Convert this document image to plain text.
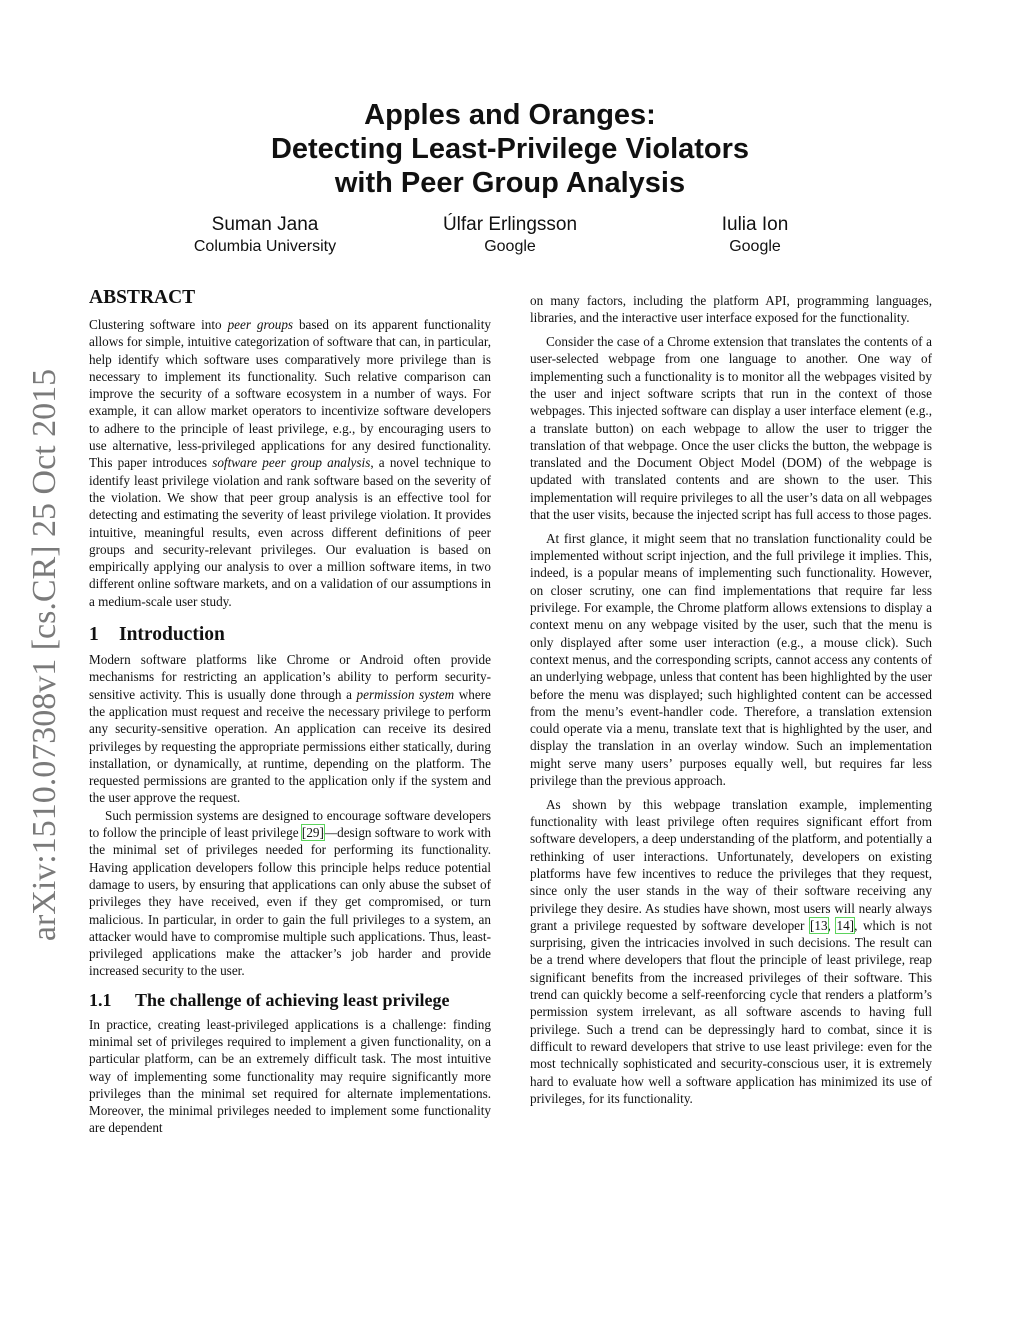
Apples and Oranges:
Detecting Least-Privilege Violators
with Peer Group Analysis
Suman Jana
Columbia University
Úlfar Erlingsson
Google
Iulia Ion
Google
arXiv:1510.07308v1 [cs.CR] 25 Oct 2015
ABSTRACT

Clustering software into peer groups based on its apparent functionality allows for simple, intuitive categorization of software that can, in particular, help identify which software uses comparatively more privilege than is necessary to implement its functionality. Such relative comparison can improve the security of a software ecosystem in a number of ways. For example, it can allow market operators to incentivize software developers to adhere to the principle of least privilege, e.g., by encouraging users to use alternative, less-privileged applications for any desired functionality. This paper introduces software peer group analysis, a novel technique to identify least privilege violation and rank software based on the severity of the violation. We show that peer group analysis is an effective tool for detecting and estimating the severity of least privilege violation. It provides intuitive, meaningful results, even across different definitions of peer groups and security-relevant privileges. Our evaluation is based on empirically applying our analysis to over a million software items, in two different online software markets, and on a validation of our assumptions in a medium-scale user study.

1 Introduction

Modern software platforms like Chrome or Android often provide mechanisms for restricting an application’s ability to perform security-sensitive activity. This is usually done through a permission system where the application must request and receive the necessary privilege to perform any security-sensitive operation. An application can receive its desired privileges by requesting the appropriate permissions either statically, during installation, or dynamically, at runtime, depending on the platform. The requested permissions are granted to the application only if the system and the user approve the request.

Such permission systems are designed to encourage software developers to follow the principle of least privilege [29]—design software to work with the minimal set of privileges needed for performing its functionality. Having application developers follow this principle helps reduce potential damage to users, by ensuring that applications can only abuse the subset of privileges they have received, even if they get compromised, or turn malicious. In particular, in order to gain the full privileges to a system, an attacker would have to compromise multiple such applications. Thus, least-privileged applications make the attacker’s job harder and provide increased security to the user.

1.1 The challenge of achieving least privilege

In practice, creating least-privileged applications is a challenge: finding minimal set of privileges required to implement a given functionality, on a particular platform, can be an extremely difficult task. The most intuitive way of implementing some functionality may require significantly more privileges than the minimal set required for alternate implementations. Moreover, the minimal privileges needed to implement some functionality are dependent

on many factors, including the platform API, programming languages, libraries, and the interactive user interface exposed for the functionality.

Consider the case of a Chrome extension that translates the contents of a user-selected webpage from one language to another. One way of implementing such a functionality is to monitor all the webpages visited by the user and inject software scripts that run in the context of those webpages. This injected software can display a user interface element (e.g., a translate button) on each webpage to allow the user to trigger the translation of that webpage. Once the user clicks the button, the webpage is translated and the Document Object Model (DOM) of the webpage is updated with translated contents and are shown to the user. This implementation will require privileges to all the user’s data on all webpages that the user visits, because the injected script has full access to those pages.

At first glance, it might seem that no translation functionality could be implemented without script injection, and the full privilege it implies. This, indeed, is a popular means of implementing such functionality. However, on closer scrutiny, one can find implementations that require far less privilege. For example, the Chrome platform allows extensions to display a context menu on any webpage visited by the user, such that the menu is only displayed after some user interaction (e.g., a mouse click). Such context menus, and the corresponding scripts, cannot access any contents of an underlying webpage, unless that content has been highlighted by the user before the menu was displayed; such highlighted content can be accessed from the menu’s event-handler code. Therefore, a translation extension could operate via a menu, translate text that is highlighted by the user, and display the translation in an overlay window. Such an implementation might serve many users’ purposes equally well, but requires far less privilege than the previous approach.

As shown by this webpage translation example, implementing functionality with least privilege often requires significant effort from software developers, a deep understanding of the platform, and potentially a rethinking of user interactions. Unfortunately, developers on existing platforms have few incentives to reduce the privileges that they request, since only the user stands in the way of their software receiving any privilege they desire. As studies have shown, most users will nearly always grant a privilege requested by software developer [13, 14], which is not surprising, given the intricacies involved in such decisions. The result can be a trend where developers that flout the principle of least privilege, reap significant benefits from the increased privileges of their software. This trend can quickly become a self-reenforcing cycle that renders a platform’s permission system irrelevant, as all software ascends to having full privilege. Such a trend can be depressingly hard to combat, since it is difficult to reward developers that strive to use least privilege: even for the most technically sophisticated and security-conscious user, it is extremely hard to evaluate how well a software application has minimized its use of privileges, for its functionality.
